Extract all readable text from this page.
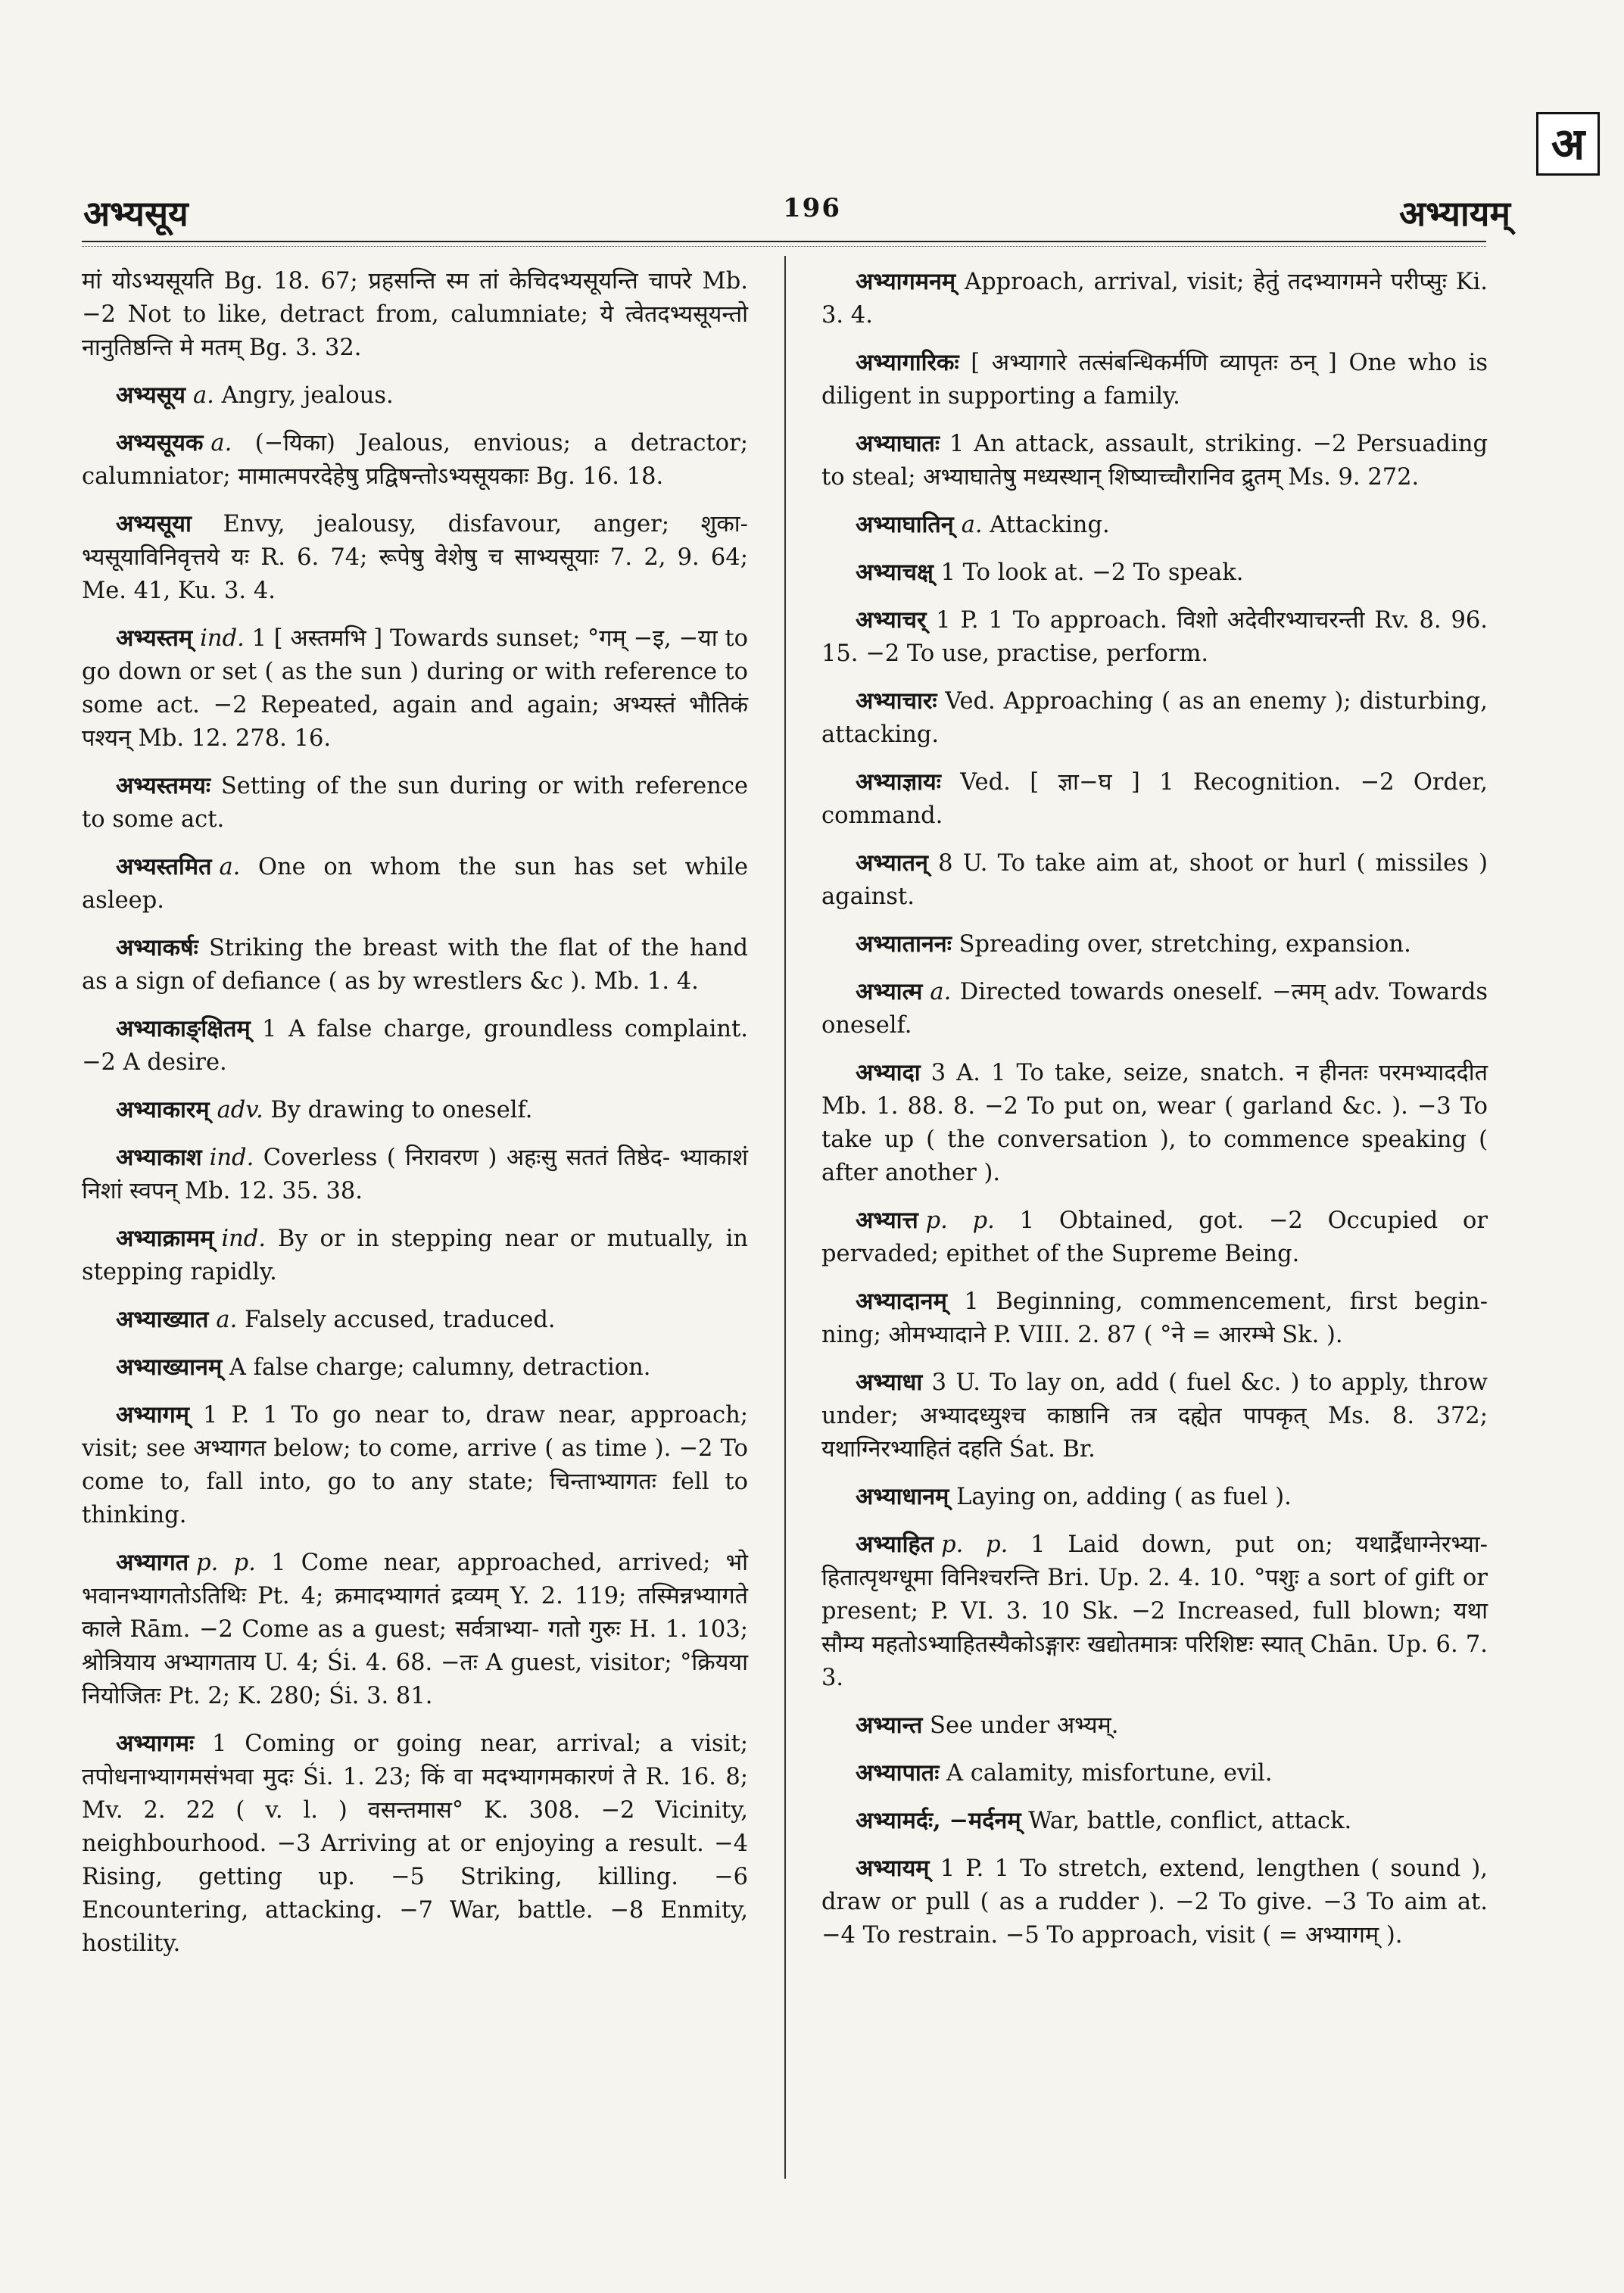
अ
अभ्यसूय	196	अभ्यायम्

मां योऽभ्यसूयति Bg. 18. 67; प्रहसन्ति स्म तां केचिदभ्यसूयन्ति चापरे Mb. −2 Not to like, detract from, calumniate; ये त्वेतदभ्यसूयन्तो नानुतिष्ठन्ति मे मतम् Bg. 3. 32.

अभ्यसूय a. Angry, jealous.

अभ्यसूयक a. (−यिका) Jealous, envious; a detractor; calumniator; मामात्मपरदेहेषु प्रद्विषन्तोऽभ्यसूयकाः Bg. 16. 18.

अभ्यसूया Envy, jealousy, disfavour, anger; शुका- भ्यसूयाविनिवृत्तये यः R. 6. 74; रूपेषु वेशेषु च साभ्यसूयाः 7. 2, 9. 64; Me. 41, Ku. 3. 4.

अभ्यस्तम् ind. 1 [ अस्तमभि ] Towards sunset; °गम् −इ, −या to go down or set ( as the sun ) during or with reference to some act. −2 Repeated, again and again; अभ्यस्तं भौतिकं पश्यन् Mb. 12. 278. 16.

अभ्यस्तमयः Setting of the sun during or with reference to some act.

अभ्यस्तमित a. One on whom the sun has set while asleep.

अभ्याकर्षः Striking the breast with the flat of the hand as a sign of defiance ( as by wrestlers &c ). Mb. 1. 4.

अभ्याकाङ्क्षितम् 1 A false charge, groundless complaint. −2 A desire.

अभ्याकारम् adv. By drawing to oneself.

अभ्याकाश ind. Coverless ( निरावरण ) अहःसु सततं तिष्ठेद- भ्याकाशं निशां स्वपन् Mb. 12. 35. 38.

अभ्याक्रामम् ind. By or in stepping near or mutually, in stepping rapidly.

अभ्याख्यात a. Falsely accused, traduced.

अभ्याख्यानम् A false charge; calumny, detraction.

अभ्यागम् 1 P. 1 To go near to, draw near, approach; visit; see अभ्यागत below; to come, arrive ( as time ). −2 To come to, fall into, go to any state; चिन्ताभ्यागतः fell to thinking.

अभ्यागत p. p. 1 Come near, approached, arrived; भो भवानभ्यागतोऽतिथिः Pt. 4; क्रमादभ्यागतं द्रव्यम् Y. 2. 119; तस्मिन्नभ्यागते काले Rām. −2 Come as a guest; सर्वत्राभ्या- गतो गुरुः H. 1. 103; श्रोत्रियाय अभ्यागताय U. 4; Śi. 4. 68. −तः A guest, visitor; °क्रियया नियोजितः Pt. 2; K. 280; Śi. 3. 81.

अभ्यागमः 1 Coming or going near, arrival; a visit; तपोधनाभ्यागमसंभवा मुदः Śi. 1. 23; किं वा मदभ्यागमकारणं ते R. 16. 8; Mv. 2. 22 ( v. l. ) वसन्तमास° K. 308. −2 Vicinity, neighbourhood. −3 Arriving at or enjoying a result. −4 Rising, getting up. −5 Striking, killing. −6 Encountering, attacking. −7 War, battle. −8 Enmity, hostility.

अभ्यागमनम् Approach, arrival, visit; हेतुं तदभ्यागमने परीप्सुः Ki. 3. 4.

अभ्यागारिकः [ अभ्यागारे तत्संबन्धिकर्मणि व्यापृतः ठन् ] One who is diligent in supporting a family.

अभ्याघातः 1 An attack, assault, striking. −2 Persuading to steal; अभ्याघातेषु मध्यस्थान् शिष्याच्चौरानिव द्रुतम् Ms. 9. 272.

अभ्याघातिन् a. Attacking.

अभ्याचक्ष् 1 To look at. −2 To speak.

अभ्याचर् 1 P. 1 To approach. विशो अदेवीरभ्याचरन्ती Rv. 8. 96. 15. −2 To use, practise, perform.

अभ्याचारः Ved. Approaching ( as an enemy ); disturbing, attacking.

अभ्याज्ञायः Ved. [ ज्ञा−घ ] 1 Recognition. −2 Order, command.

अभ्यातन् 8 U. To take aim at, shoot or hurl ( missiles ) against.

अभ्याताननः Spreading over, stretching, expansion.

अभ्यात्म a. Directed towards oneself. −त्मम् adv. Towards oneself.

अभ्यादा 3 A. 1 To take, seize, snatch. न हीनतः परमभ्याददीत Mb. 1. 88. 8. −2 To put on, wear ( garland &c. ). −3 To take up ( the conversation ), to commence speaking ( after another ).

अभ्यात्त p. p. 1 Obtained, got. −2 Occupied or pervaded; epithet of the Supreme Being.

अभ्यादानम् 1 Beginning, commencement, first begin- ning; ओमभ्यादाने P. VIII. 2. 87 ( °ने = आरम्भे Sk. ).

अभ्याधा 3 U. To lay on, add ( fuel &c. ) to apply, throw under; अभ्यादध्युश्च काष्ठानि तत्र दह्येत पापकृत् Ms. 8. 372; यथाग्निरभ्याहितं दहति Śat. Br.

अभ्याधानम् Laying on, adding ( as fuel ).

अभ्याहित p. p. 1 Laid down, put on; यथार्द्रैधाग्नेरभ्या- हितात्पृथग्धूमा विनिश्चरन्ति Bri. Up. 2. 4. 10. °पशुः a sort of gift or present; P. VI. 3. 10 Sk. −2 Increased, full blown; यथा सौम्य महतोऽभ्याहितस्यैकोऽङ्गारः खद्योतमात्रः परिशिष्टः स्यात् Chān. Up. 6. 7. 3.

अभ्यान्त See under अभ्यम्.

अभ्यापातः A calamity, misfortune, evil.

अभ्यामर्दः, −मर्दनम् War, battle, conflict, attack.

अभ्यायम् 1 P. 1 To stretch, extend, lengthen ( sound ), draw or pull ( as a rudder ). −2 To give. −3 To aim at. −4 To restrain. −5 To approach, visit ( = अभ्यागम् ).
